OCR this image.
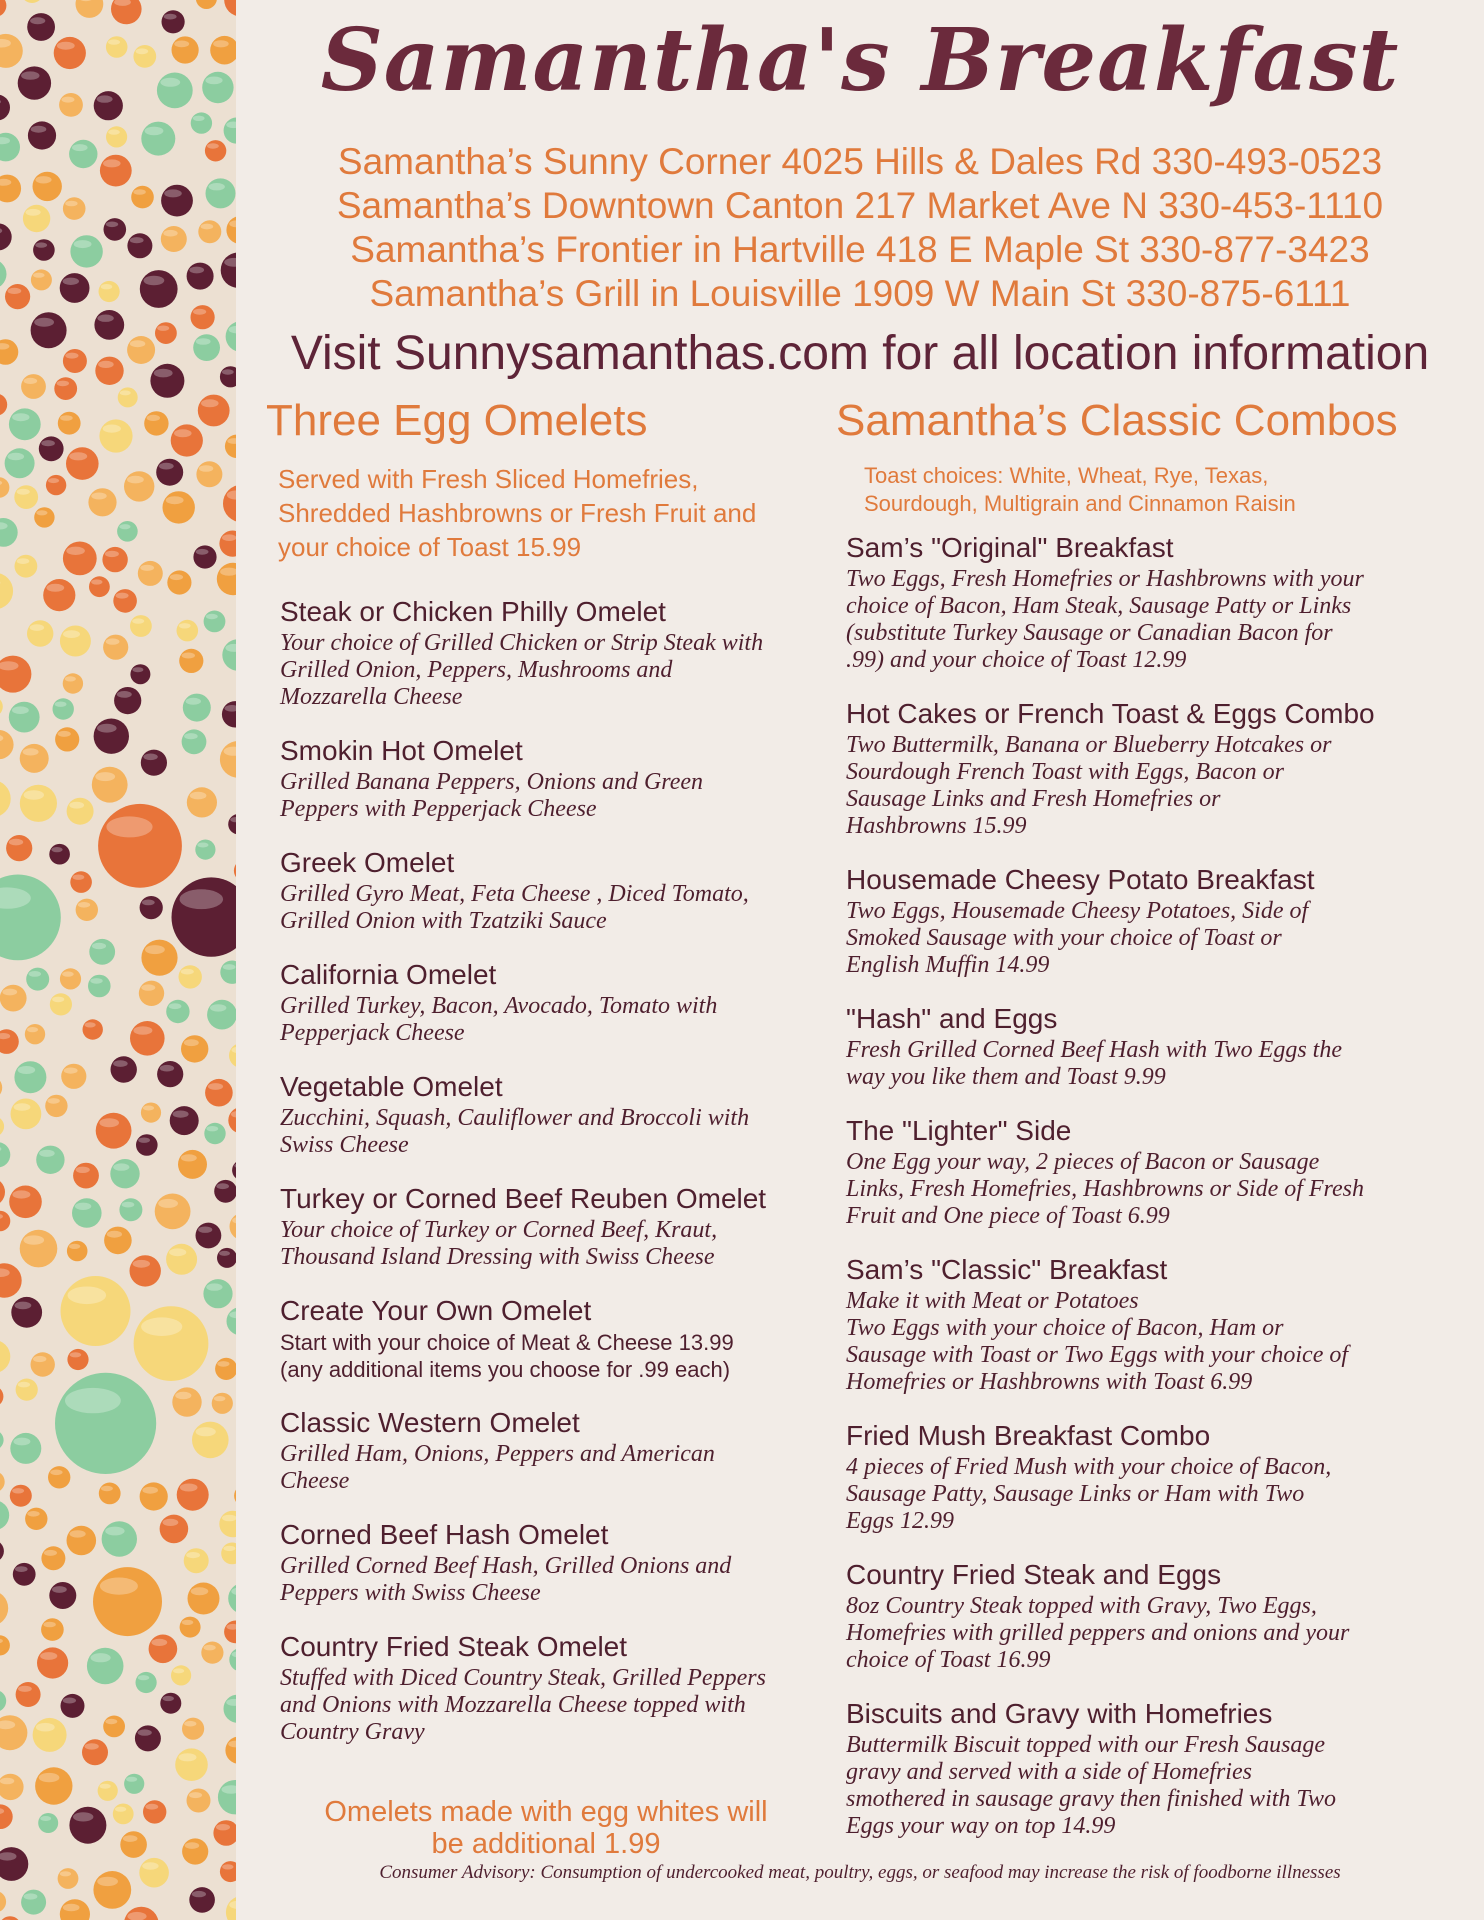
Samantha's Breakfast
Samantha’s Sunny Corner 4025 Hills & Dales Rd 330-493-0523
Samantha’s Downtown Canton 217 Market Ave N 330-453-1110
Samantha’s Frontier in Hartville 418 E Maple St 330-877-3423
Samantha’s Grill in Louisville 1909 W Main St 330-875-6111
Visit Sunnysamanthas.com for all location information
Three Egg Omelets
Served with Fresh Sliced Homefries,
Shredded Hashbrowns or Fresh Fruit and
your choice of Toast 15.99
Steak or Chicken Philly Omelet
Your choice of Grilled Chicken or Strip Steak with
Grilled Onion, Peppers, Mushrooms and
Mozzarella Cheese
Smokin Hot Omelet
Grilled Banana Peppers, Onions and Green
Peppers with Pepperjack Cheese
Greek Omelet
Grilled Gyro Meat, Feta Cheese , Diced Tomato,
Grilled Onion with Tzatziki Sauce
California Omelet
Grilled Turkey, Bacon, Avocado, Tomato with
Pepperjack Cheese
Vegetable Omelet
Zucchini, Squash, Cauliflower and Broccoli with
Swiss Cheese
Turkey or Corned Beef Reuben Omelet
Your choice of Turkey or Corned Beef, Kraut,
Thousand Island Dressing with Swiss Cheese
Create Your Own Omelet
Start with your choice of Meat & Cheese 13.99
(any additional items you choose for .99 each)
Classic Western Omelet
Grilled Ham, Onions, Peppers and American
Cheese
Corned Beef Hash Omelet
Grilled Corned Beef Hash, Grilled Onions and
Peppers with Swiss Cheese
Country Fried Steak Omelet
Stuffed with Diced Country Steak, Grilled Peppers
and Onions with Mozzarella Cheese topped with
Country Gravy
Samantha’s Classic Combos
Toast choices: White, Wheat, Rye, Texas,
Sourdough, Multigrain and Cinnamon Raisin
Sam’s "Original" Breakfast
Two Eggs, Fresh Homefries or Hashbrowns with your
choice of Bacon, Ham Steak, Sausage Patty or Links
(substitute Turkey Sausage or Canadian Bacon for
.99) and your choice of Toast 12.99
Hot Cakes or French Toast & Eggs Combo
Two Buttermilk, Banana or Blueberry Hotcakes or
Sourdough French Toast with Eggs, Bacon or
Sausage Links and Fresh Homefries or
Hashbrowns 15.99
Housemade Cheesy Potato Breakfast
Two Eggs, Housemade Cheesy Potatoes, Side of
Smoked Sausage with your choice of Toast or
English Muffin 14.99
"Hash" and Eggs
Fresh Grilled Corned Beef Hash with Two Eggs the
way you like them and Toast 9.99
The "Lighter" Side
One Egg your way, 2 pieces of Bacon or Sausage
Links, Fresh Homefries, Hashbrowns or Side of Fresh
Fruit and One piece of Toast 6.99
Sam’s "Classic" Breakfast
Make it with Meat or Potatoes
Two Eggs with your choice of Bacon, Ham or
Sausage with Toast or Two Eggs with your choice of
Homefries or Hashbrowns with Toast 6.99
Fried Mush Breakfast Combo
4 pieces of Fried Mush with your choice of Bacon,
Sausage Patty, Sausage Links or Ham with Two
Eggs 12.99
Country Fried Steak and Eggs
8oz Country Steak topped with Gravy, Two Eggs,
Homefries with grilled peppers and onions and your
choice of Toast 16.99
Biscuits and Gravy with Homefries
Buttermilk Biscuit topped with our Fresh Sausage
gravy and served with a side of Homefries
smothered in sausage gravy then finished with Two
Eggs your way on top 14.99
Omelets made with egg whites will
be additional 1.99
Consumer Advisory: Consumption of undercooked meat, poultry, eggs, or seafood may increase the risk of foodborne illnesses
